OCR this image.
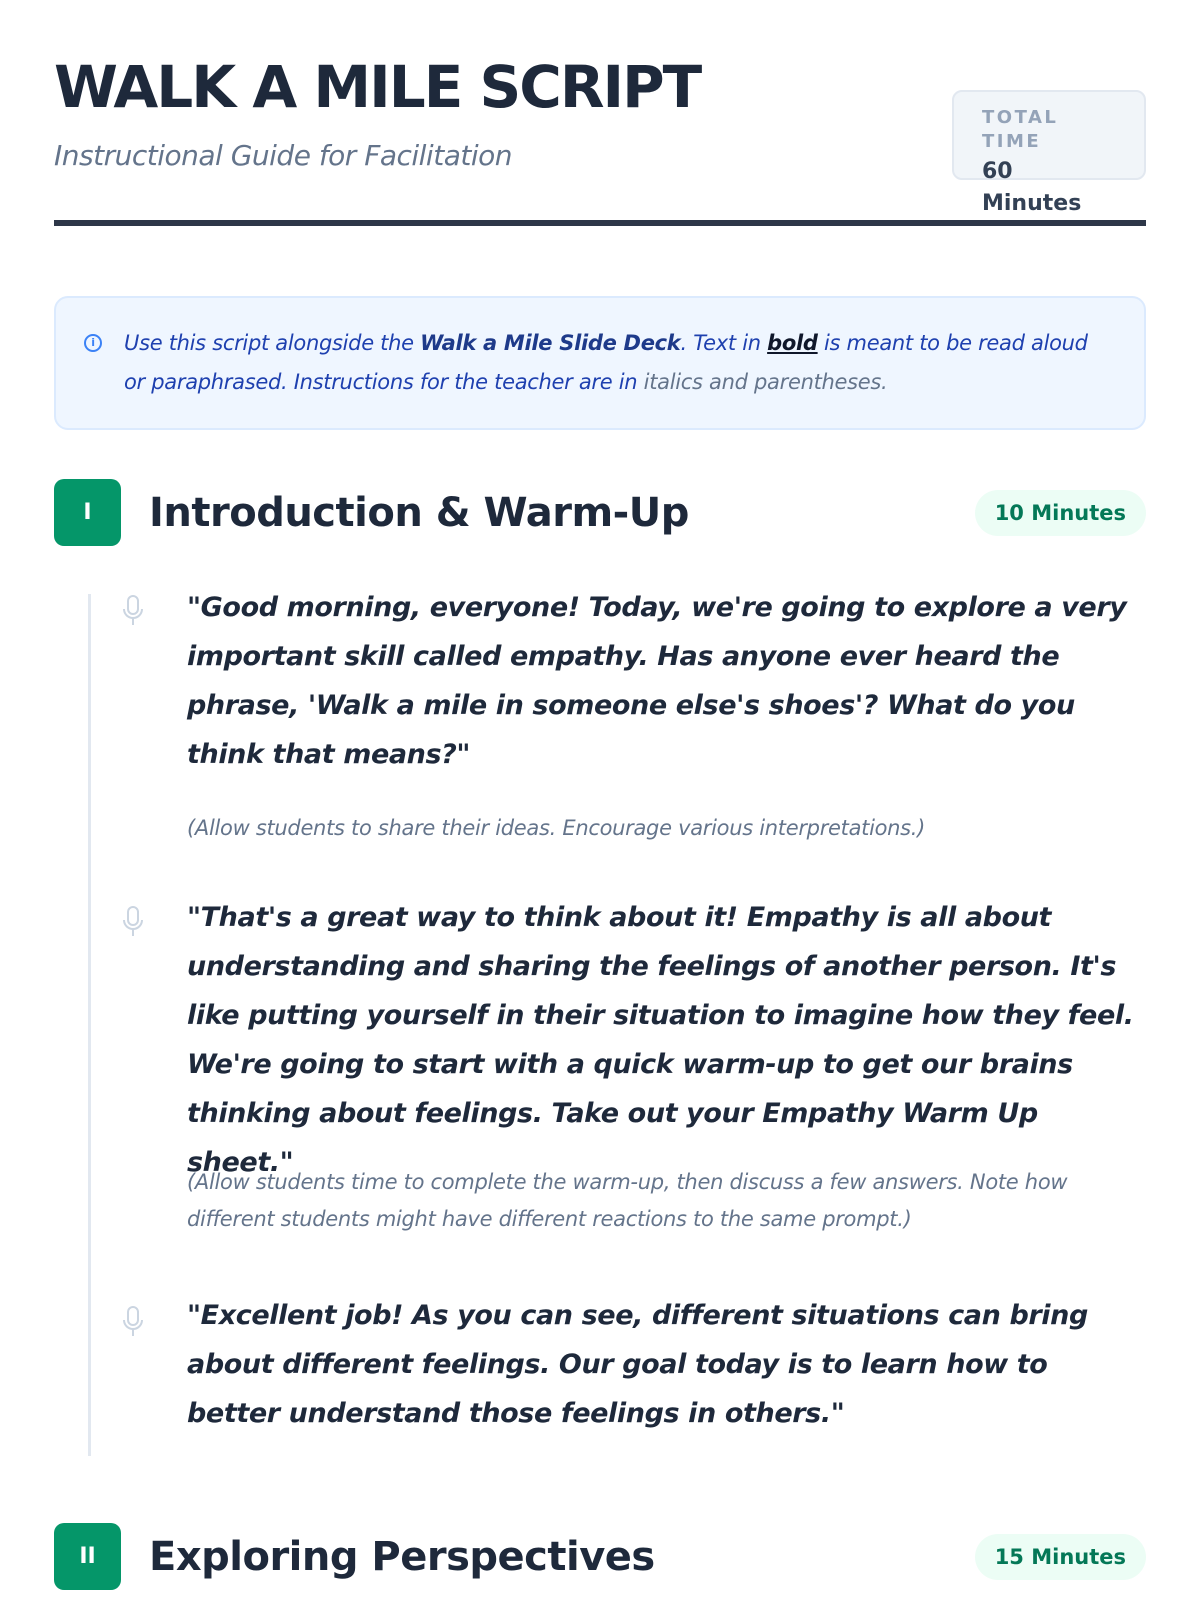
WALK A MILE SCRIPT

Instructional Guide for Facilitation

TOTAL TIME
60 Minutes
i	Use this script alongside the Walk a Mile Slide Deck. Text in bold is meant to be read aloud or paraphrased. Instructions for the teacher are in italics and parentheses.
I	Introduction & Warm-Up	10 Minutes

"Good morning, everyone! Today, we're going to explore a very important skill called empathy. Has anyone ever heard the phrase, 'Walk a mile in someone else's shoes'? What do you think that means?"

(Allow students to share their ideas. Encourage various interpretations.)

"That's a great way to think about it! Empathy is all about understanding and sharing the feelings of another person. It's like putting yourself in their situation to imagine how they feel. We're going to start with a quick warm-up to get our brains thinking about feelings. Take out your Empathy Warm Up sheet."

(Allow students time to complete the warm-up, then discuss a few answers. Note how different students might have different reactions to the same prompt.)

"Excellent job! As you can see, different situations can bring about different feelings. Our goal today is to learn how to better understand those feelings in others."

II	Exploring Perspectives	15 Minutes
